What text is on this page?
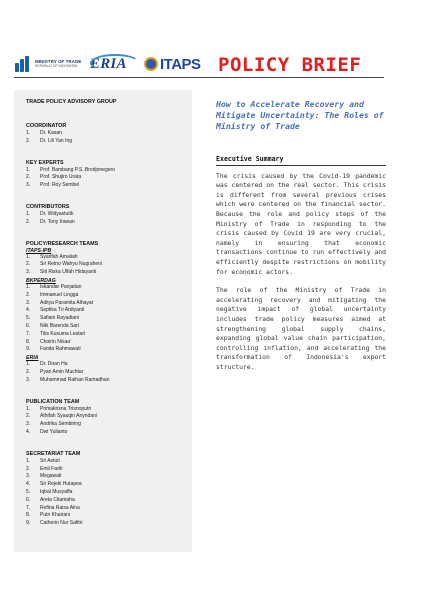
MINISTRY OF TRADE
REPUBLIC OF INDONESIA ERIA ITAPS POLICY BRIEF
TRADE POLICY ADVISORY GROUP
COORDINATOR
1.	Dr. Kasan
2.	Dr. Lili Yan Ing
KEY EXPERTS
1.	Prof. Bambang P.S. Brodjonegoro
2.	Prof. Shujiro Urata
3.	Prof. Roy Sembel
CONTRIBUTORS
1.	Dr. Widyastutik
2.	Dr. Tony Irawan
POLICY/RESEARCH TEAMS
ITAPS-IPB
1.	Syarifah Amaliah
2.	Sri Retno Wahyu Nugraheni
3.	Siti Riska Ulfah Hidayanti
BKPERDAG
1.	Iskandar Panjaitan
2.	Immanuel Lingga
3.	Aditya Paramita Alhayat
4.	Septika Tri Ardiyanti
5.	Safiani Rayadiani
6.	Niki Barenda Sari
7.	Titis Kusuma Lestari
8.	Choirin Nisaa'
9.	Farida Rahmawati
ERIA
1.	Dr. Doan Ha
2.	Pyan Amin Muchtar
3.	Muhammad Raihan Ramadhan
PUBLICATION TEAM
1.	Primakrisna Trisnoputri
2.	Athifah Syauqin Anyndani
3.	Andrika Sembiring
4.	Dwi Yulianto
SECRETARIAT TEAM
1.	Sri Astuti
2.	Emil Fadri
3.	Megawati
4.	Sri Rejeki Hutapea
5.	Iqbal Musyaffa
6.	Areta Citamaha
7.	Refina Raisa Alna
8.	Putri Khairani
9.	Catherin Nur Safitri
How to Accelerate Recovery and Mitigate Uncertainty: The Roles of Ministry of Trade
Executive Summary

The crisis caused by the Covid-19 pandemic was centered on the real sector. This crisis is different from several previous crises which were centered on the financial sector. Because the role and policy steps of the Ministry of Trade in responding to the crisis caused by Covid 19 are very crucial, namely in ensuring that economic transactions continue to run effectively and efficiently despite restrictions on mobility for economic actors.

The role of the Ministry of Trade in accelerating recovery and mitigating the negative impact of global uncertainty includes trade policy measures aimed at strengthening global supply chains, expanding global value chain participation, controlling inflation, and accelerating the transformation of Indonesia's export structure.
